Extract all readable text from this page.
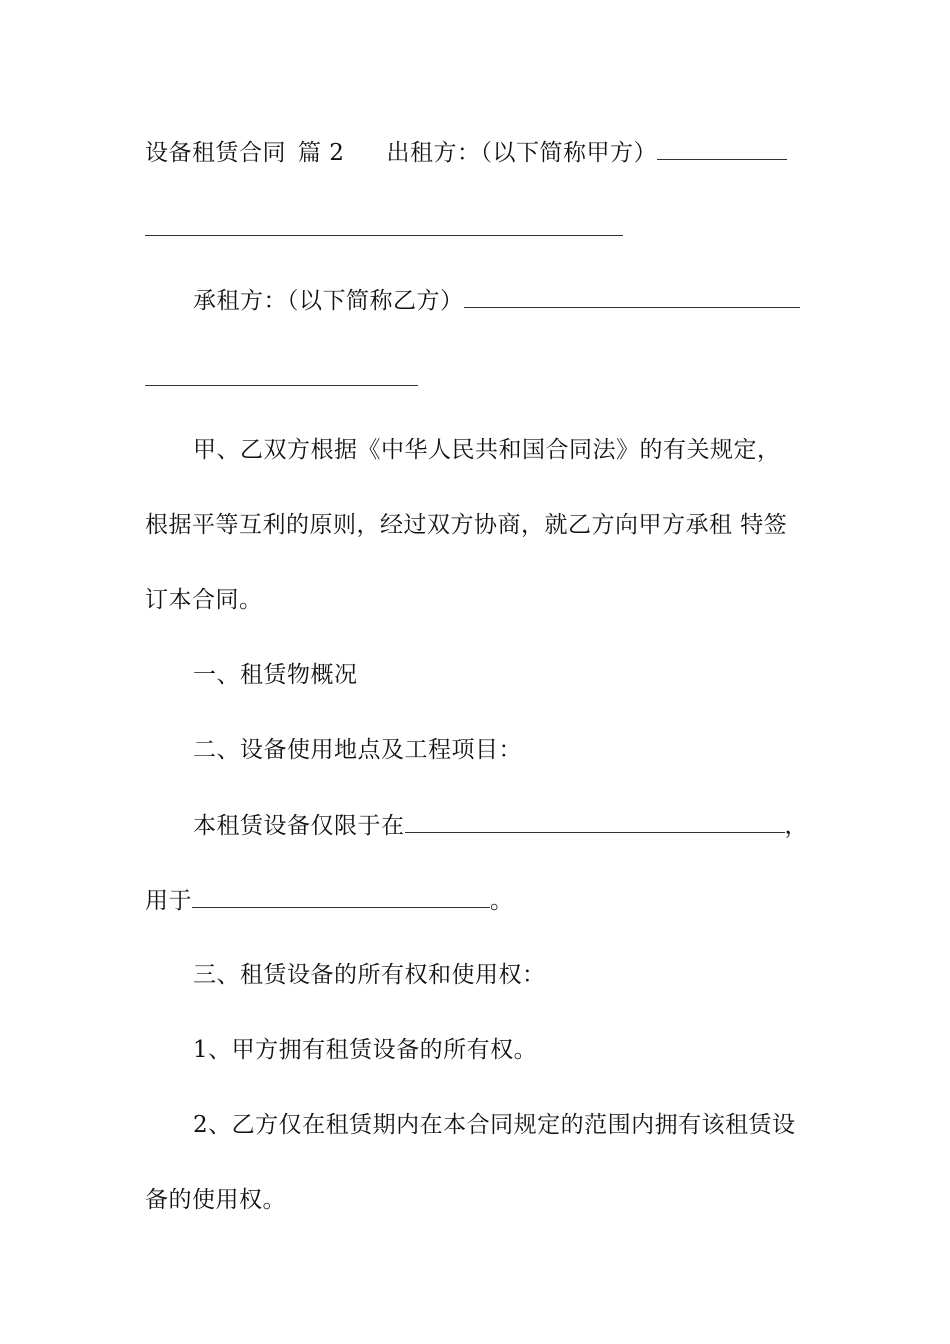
设备租赁合同 篇 2 出租方：（以下简称甲方）
承租方：（以下简称乙方）
甲、乙双方根据《中华人民共和国合同法》的有关规定，
根据平等互利的原则，经过双方协商，就乙方向甲方承租 特签
订本合同。
一、租赁物概况
二、设备使用地点及工程项目：
本租赁设备仅限于在	，
用于	。
三、租赁设备的所有权和使用权：
1、甲方拥有租赁设备的所有权。
2、乙方仅在租赁期内在本合同规定的范围内拥有该租赁设
备的使用权。
